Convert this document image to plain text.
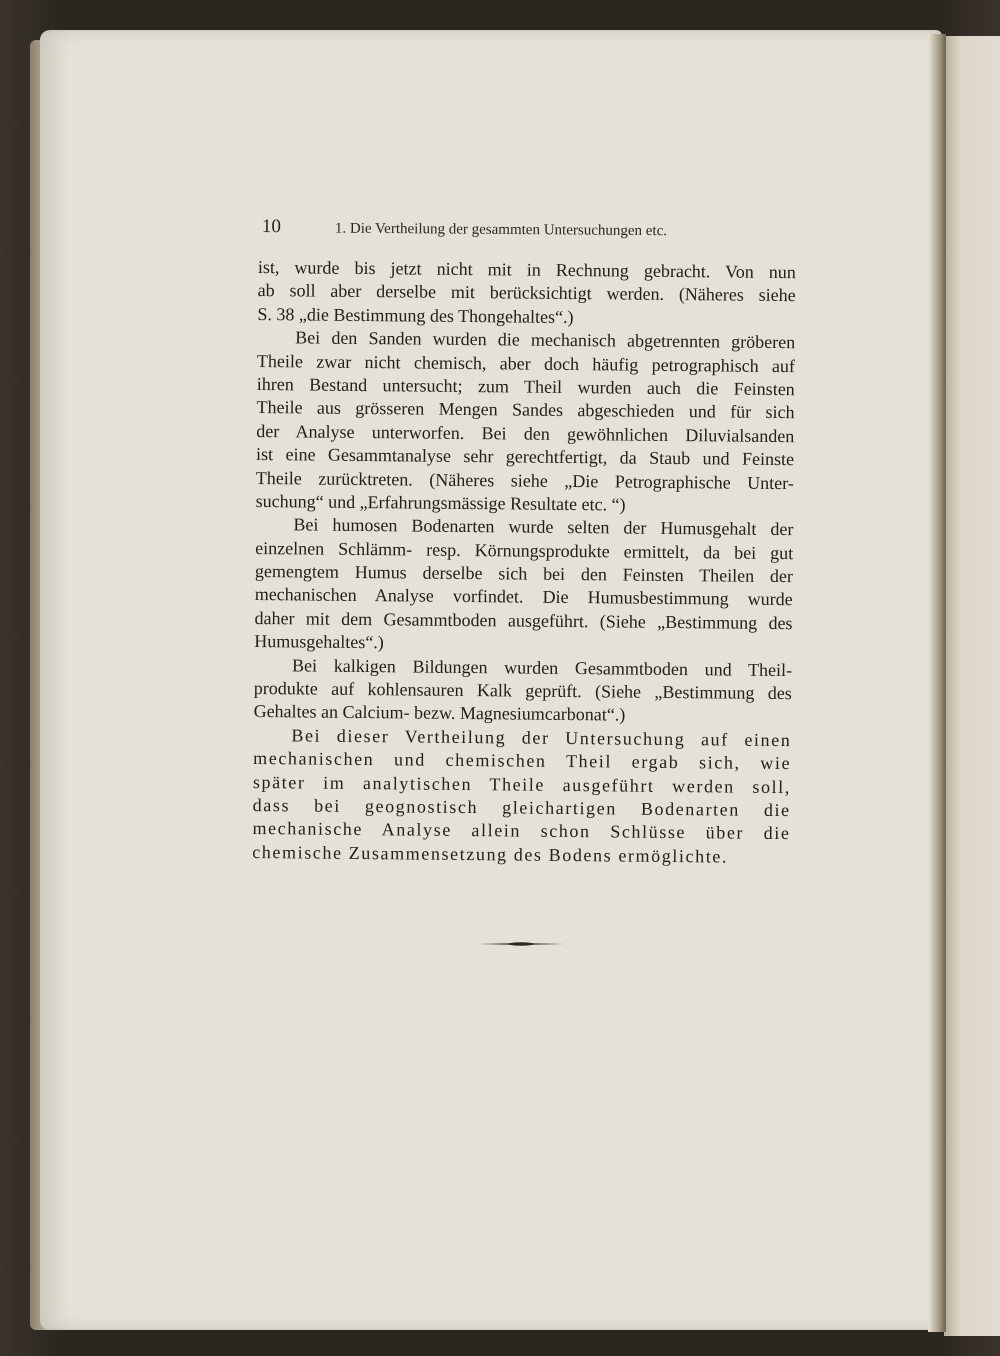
10	1. Die Vertheilung der gesammten Untersuchungen etc.
ist, wurde bis jetzt nicht mit in Rechnung gebracht. Von nun
ab soll aber derselbe mit berücksichtigt werden. (Näheres siehe
S. 38 „die Bestimmung des Thongehaltes“.)
Bei den Sanden wurden die mechanisch abgetrennten gröberen
Theile zwar nicht chemisch, aber doch häufig petrographisch auf
ihren Bestand untersucht; zum Theil wurden auch die Feinsten
Theile aus grösseren Mengen Sandes abgeschieden und für sich
der Analyse unterworfen. Bei den gewöhnlichen Diluvialsanden
ist eine Gesammtanalyse sehr gerechtfertigt, da Staub und Feinste
Theile zurücktreten. (Näheres siehe „Die Petrographische Unter-
suchung“ und „Erfahrungsmässige Resultate etc. “)
Bei humosen Bodenarten wurde selten der Humusgehalt der
einzelnen Schlämm- resp. Körnungsprodukte ermittelt, da bei gut
gemengtem Humus derselbe sich bei den Feinsten Theilen der
mechanischen Analyse vorfindet. Die Humusbestimmung wurde
daher mit dem Gesammtboden ausgeführt. (Siehe „Bestimmung des
Humusgehaltes“.)
Bei kalkigen Bildungen wurden Gesammtboden und Theil-
produkte auf kohlensauren Kalk geprüft. (Siehe „Bestimmung des
Gehaltes an Calcium- bezw. Magnesiumcarbonat“.)
Bei dieser Vertheilung der Untersuchung auf einen
mechanischen und chemischen Theil ergab sich, wie
später im analytischen Theile ausgeführt werden soll,
dass bei geognostisch gleichartigen Bodenarten die
mechanische Analyse allein schon Schlüsse über die
chemische Zusammensetzung des Bodens ermöglichte.
